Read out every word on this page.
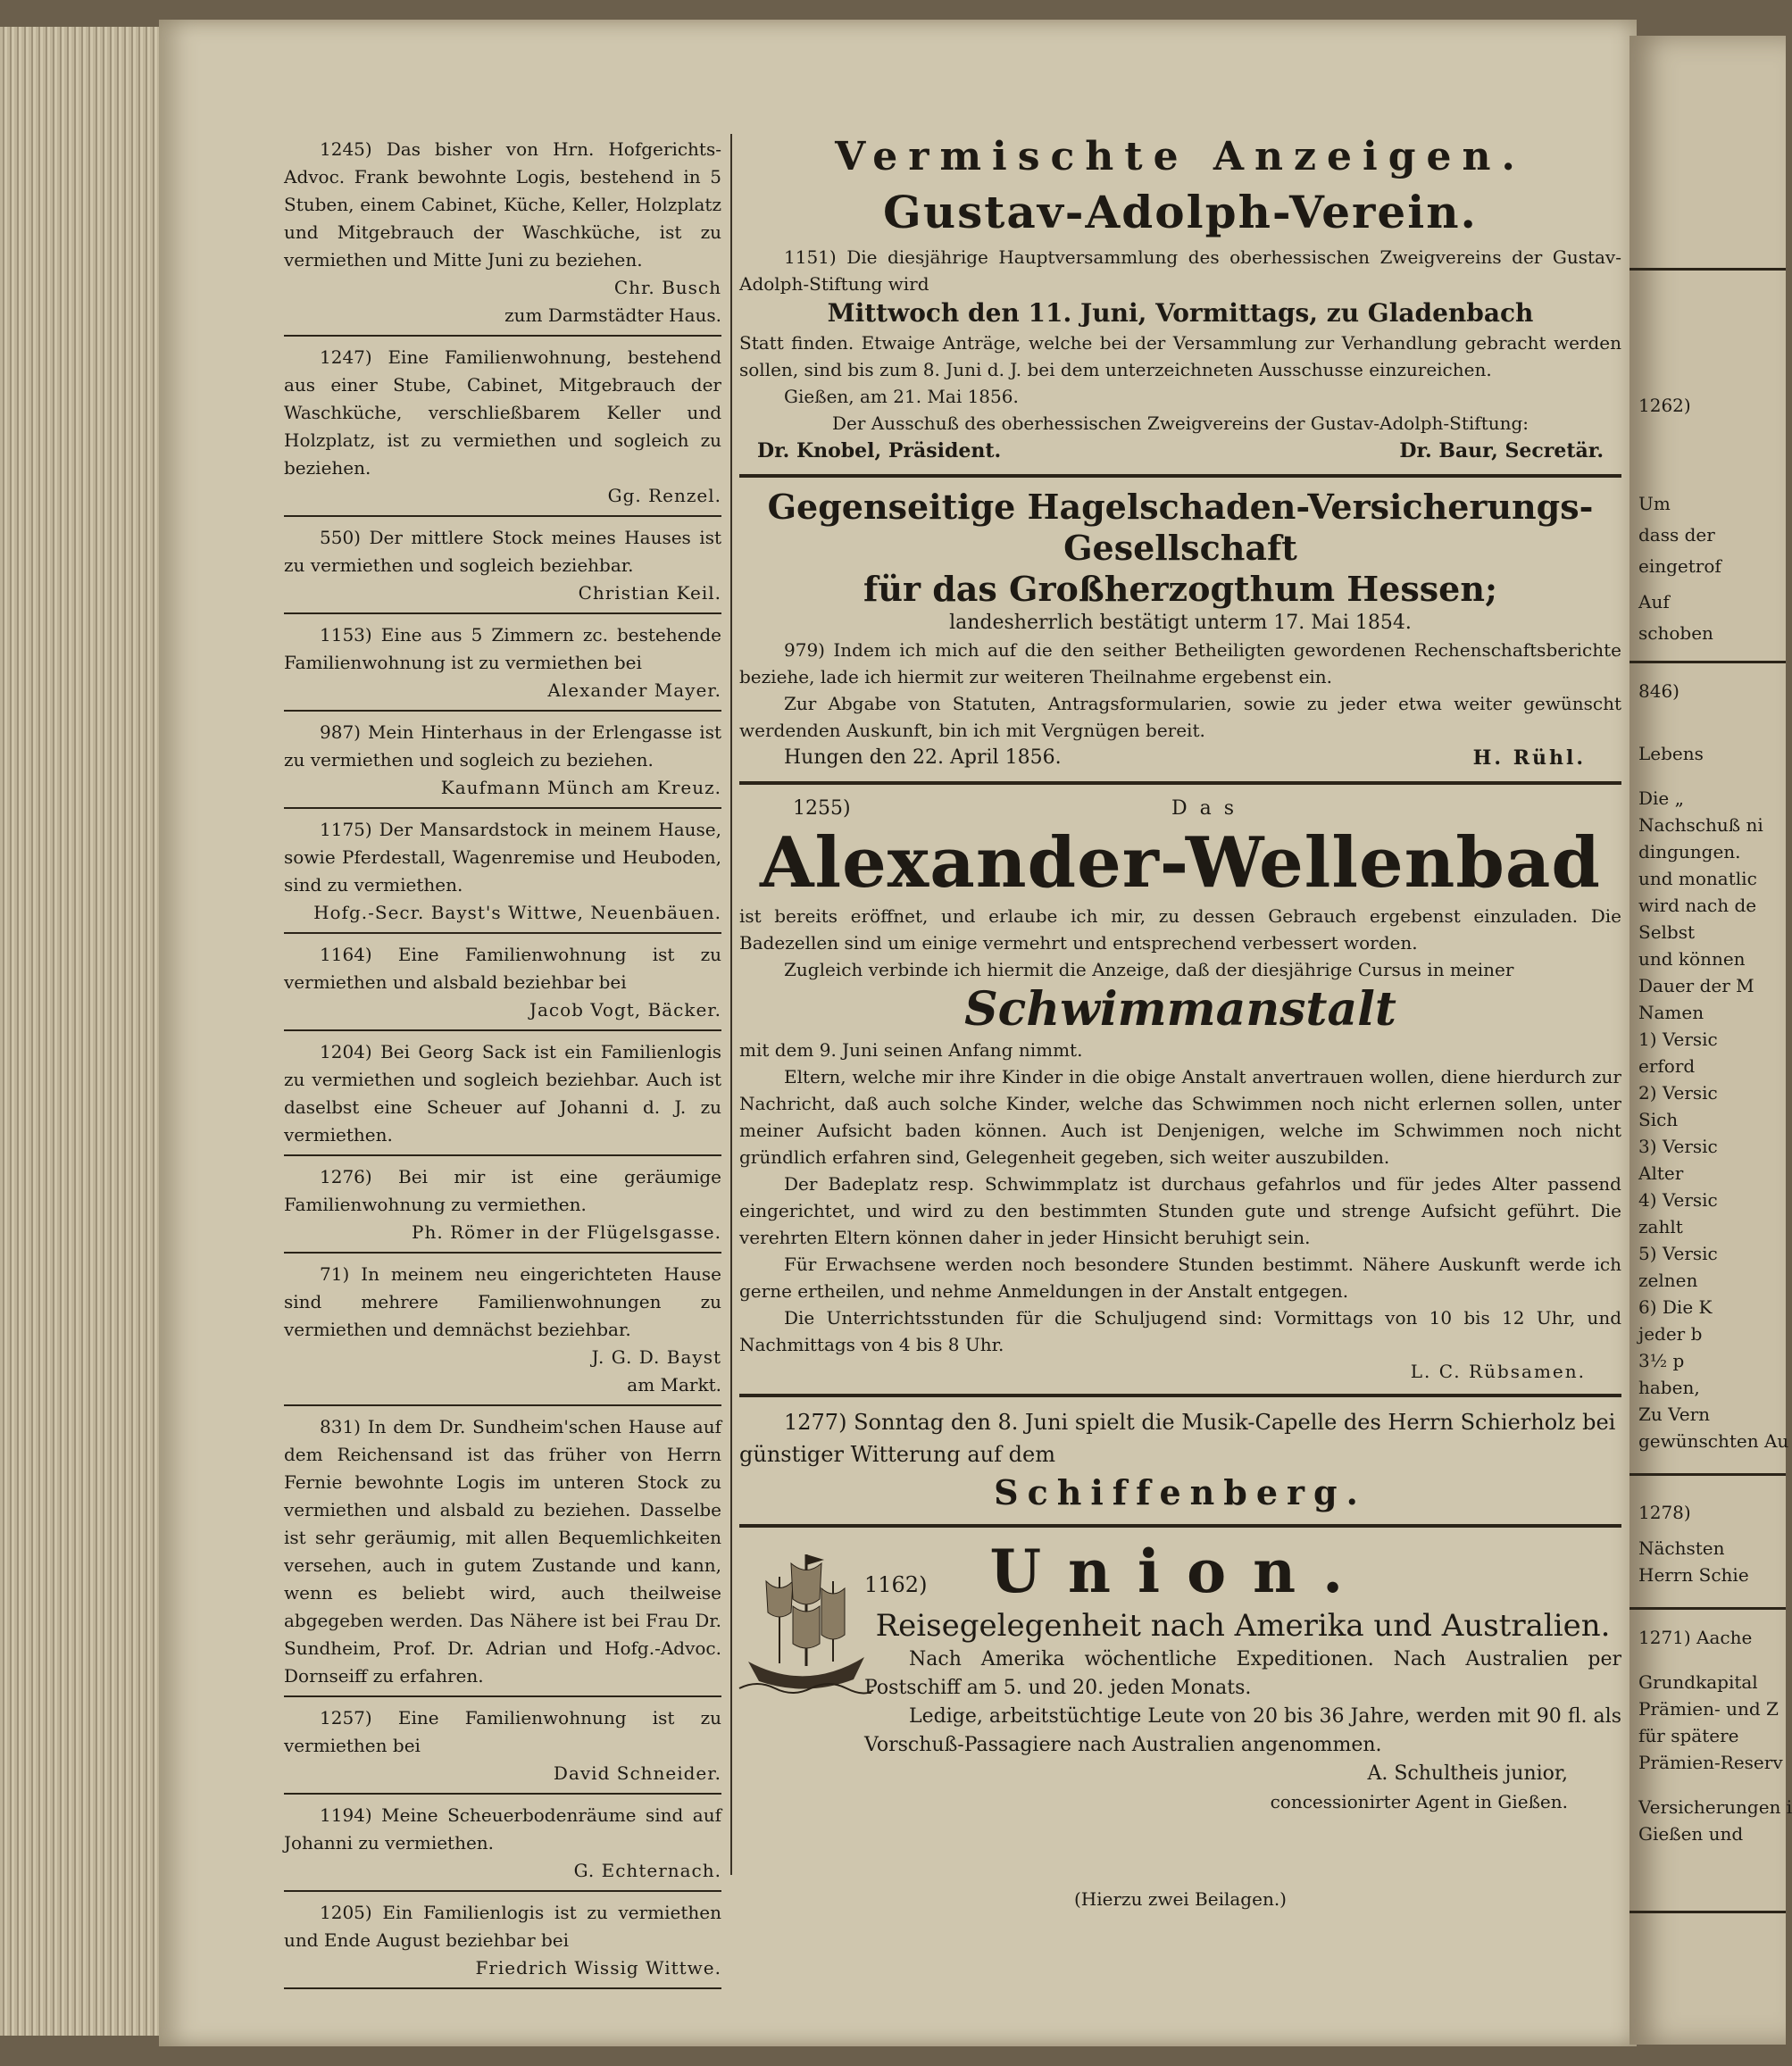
1245) Das bisher von Hrn. Hofgerichts-Advoc. Frank bewohnte Logis, bestehend in 5 Stuben, einem Cabinet, Küche, Keller, Holzplatz und Mitgebrauch der Waschküche, ist zu vermiethen und Mitte Juni zu beziehen.
Chr. Busch
zum Darmstädter Haus.
1247) Eine Familienwohnung, bestehend aus einer Stube, Cabinet, Mitgebrauch der Waschküche, verschließbarem Keller und Holzplatz, ist zu vermiethen und sogleich zu beziehen.
Gg. Renzel.
550) Der mittlere Stock meines Hauses ist zu vermiethen und sogleich beziehbar.
Christian Keil.
1153) Eine aus 5 Zimmern zc. bestehende Familienwohnung ist zu vermiethen bei
Alexander Mayer.
987) Mein Hinterhaus in der Erlengasse ist zu vermiethen und sogleich zu beziehen.
Kaufmann Münch am Kreuz.
1175) Der Mansardstock in meinem Hause, sowie Pferdestall, Wagenremise und Heuboden, sind zu vermiethen.
Hofg.-Secr. Bayst's Wittwe, Neuenbäuen.
1164) Eine Familienwohnung ist zu vermiethen und alsbald beziehbar bei
Jacob Vogt, Bäcker.
1204) Bei Georg Sack ist ein Familienlogis zu vermiethen und sogleich beziehbar. Auch ist daselbst eine Scheuer auf Johanni d. J. zu vermiethen.
1276) Bei mir ist eine geräumige Familienwohnung zu vermiethen.
Ph. Römer in der Flügelsgasse.
71) In meinem neu eingerichteten Hause sind mehrere Familienwohnungen zu vermiethen und demnächst beziehbar.
J. G. D. Bayst
am Markt.
831) In dem Dr. Sundheim'schen Hause auf dem Reichensand ist das früher von Herrn Fernie bewohnte Logis im unteren Stock zu vermiethen und alsbald zu beziehen. Dasselbe ist sehr geräumig, mit allen Bequemlichkeiten versehen, auch in gutem Zustande und kann, wenn es beliebt wird, auch theilweise abgegeben werden. Das Nähere ist bei Frau Dr. Sundheim, Prof. Dr. Adrian und Hofg.-Advoc. Dornseiff zu erfahren.
1257) Eine Familienwohnung ist zu vermiethen bei
David Schneider.
1194) Meine Scheuerbodenräume sind auf Johanni zu vermiethen.
G. Echternach.
1205) Ein Familienlogis ist zu vermiethen und Ende August beziehbar bei
Friedrich Wissig Wittwe.
Vermischte Anzeigen.
Gustav-Adolph-Verein.
1151) Die diesjährige Hauptversammlung des oberhessischen Zweigvereins der Gustav-Adolph-Stiftung wird
Mittwoch den 11. Juni, Vormittags, zu Gladenbach
Statt finden. Etwaige Anträge, welche bei der Versammlung zur Verhandlung gebracht werden sollen, sind bis zum 8. Juni d. J. bei dem unterzeichneten Ausschusse einzureichen.
Gießen, am 21. Mai 1856.
Der Ausschuß des oberhessischen Zweigvereins der Gustav-Adolph-Stiftung:
Dr. Knobel, Präsident.	Dr. Baur, Secretär.
Gegenseitige Hagelschaden-Versicherungs-Gesellschaft
für das Großherzogthum Hessen;
landesherrlich bestätigt unterm 17. Mai 1854.
979) Indem ich mich auf die den seither Betheiligten gewordenen Rechenschaftsberichte beziehe, lade ich hiermit zur weiteren Theilnahme ergebenst ein.
Zur Abgabe von Statuten, Antragsformularien, sowie zu jeder etwa weiter gewünscht werdenden Auskunft, bin ich mit Vergnügen bereit.
Hungen den 22. April 1856.	H. Rühl.
1255)	Das
Alexander-Wellenbad
ist bereits eröffnet, und erlaube ich mir, zu dessen Gebrauch ergebenst einzuladen. Die Badezellen sind um einige vermehrt und entsprechend verbessert worden.
Zugleich verbinde ich hiermit die Anzeige, daß der diesjährige Cursus in meiner
Schwimmanstalt
mit dem 9. Juni seinen Anfang nimmt.
Eltern, welche mir ihre Kinder in die obige Anstalt anvertrauen wollen, diene hierdurch zur Nachricht, daß auch solche Kinder, welche das Schwimmen noch nicht erlernen sollen, unter meiner Aufsicht baden können. Auch ist Denjenigen, welche im Schwimmen noch nicht gründlich erfahren sind, Gelegenheit gegeben, sich weiter auszubilden.
Der Badeplatz resp. Schwimmplatz ist durchaus gefahrlos und für jedes Alter passend eingerichtet, und wird zu den bestimmten Stunden gute und strenge Aufsicht geführt. Die verehrten Eltern können daher in jeder Hinsicht beruhigt sein.
Für Erwachsene werden noch besondere Stunden bestimmt. Nähere Auskunft werde ich gerne ertheilen, und nehme Anmeldungen in der Anstalt entgegen.
Die Unterrichtsstunden für die Schuljugend sind: Vormittags von 10 bis 12 Uhr, und Nachmittags von 4 bis 8 Uhr.
L. C. Rübsamen.
1277) Sonntag den 8. Juni spielt die Musik-Capelle des Herrn Schierholz bei günstiger Witterung auf dem
Schiffenberg.
1162) Union.
Reisegelegenheit nach Amerika und Australien.
Nach Amerika wöchentliche Expeditionen. Nach Australien per Postschiff am 5. und 20. jeden Monats.
Ledige, arbeitstüchtige Leute von 20 bis 36 Jahre, werden mit 90 fl. als Vorschuß-Passagiere nach Australien angenommen.
A. Schultheis junior,
concessionirter Agent in Gießen.
(Hierzu zwei Beilagen.)
1262)
Um
dass der
eingetrof
Auf
schoben
846)
Lebens
Die „
Nachschuß ni
dingungen.
und monatlic
wird nach de
Selbst
und können
Dauer der M
Namen
1) Versic
erford
2) Versic
Sich
3) Versic
Alter
4) Versic
zahlt
5) Versic
zelnen
6) Die K
jeder b
3½ p
haben,
Zu Vern
gewünschten Au
1278)
Nächsten
Herrn Schie
1271) Aache
Grundkapital
Prämien- und Z
für spätere
Prämien-Reserv
Versicherungen i
Gießen und
